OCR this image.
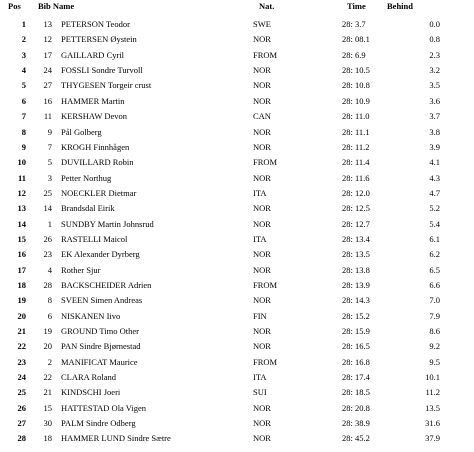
Pos Bib Name	Nat.	Time	Behind
1	13 PETERSON Teodor	SWE	28: 3.7	0.0
2	12 PETTERSEN Øystein	NOR	28: 08.1	0.8
3	17 GAILLARD Cyril	FROM	28: 6.9	2.3
4	24 FOSSLI Sondre Turvoll	NOR	28: 10.5	3.2
5	27 THYGESEN Torgeir crust	NOR	28: 10.8	3.5
6	16 HAMMER Martin	NOR	28: 10.9	3.6
7	11 KERSHAW Devon	CAN	28: 11.0	3.7
8	9 Pål Golberg	NOR	28: 11.1	3.8
9	7 KROGH Finnhågen	NOR	28: 11.2	3.9
10	5 DUVILLARD Robin	FROM	28: 11.4	4.1
11	3 Petter Northug	NOR	28: 11.6	4.3
12	25 NOECKLER Dietmar	ITA	28: 12.0	4.7
13	14 Brandsdal Eirik	NOR	28: 12.5	5.2
14	1 SUNDBY Martin Johnsrud	NOR	28: 12.7	5.4
15	26 RASTELLI Maicol	ITA	28: 13.4	6.1
16	23 EK Alexander Dyrberg	NOR	28: 13.5	6.2
17	4 Rother Sjur	NOR	28: 13.8	6.5
18	28 BACKSCHEIDER Adrien	FROM	28: 13.9	6.6
19	8 SVEEN Simen Andreas	NOR	28: 14.3	7.0
20	6 NISKANEN Iivo	FIN	28: 15.2	7.9
21	19 GROUND Timo Other	NOR	28: 15.9	8.6
22	20 PAN Sindre Bjørnestad	NOR	28: 16.5	9.2
23	2 MANIFICAT Maurice	FROM	28: 16.8	9.5
24	22 CLARA Roland	ITA	28: 17.4	10.1
25	21 KINDSCHI Joeri	SUI	28: 18.5	11.2
26	15 HATTESTAD Ola Vigen	NOR	28: 20.8	13.5
27	30 PALM Sindre Odberg	NOR	28: 38.9	31.6
28	18 HAMMER LUND Sindre Sætre	NOR	28: 45.2	37.9
